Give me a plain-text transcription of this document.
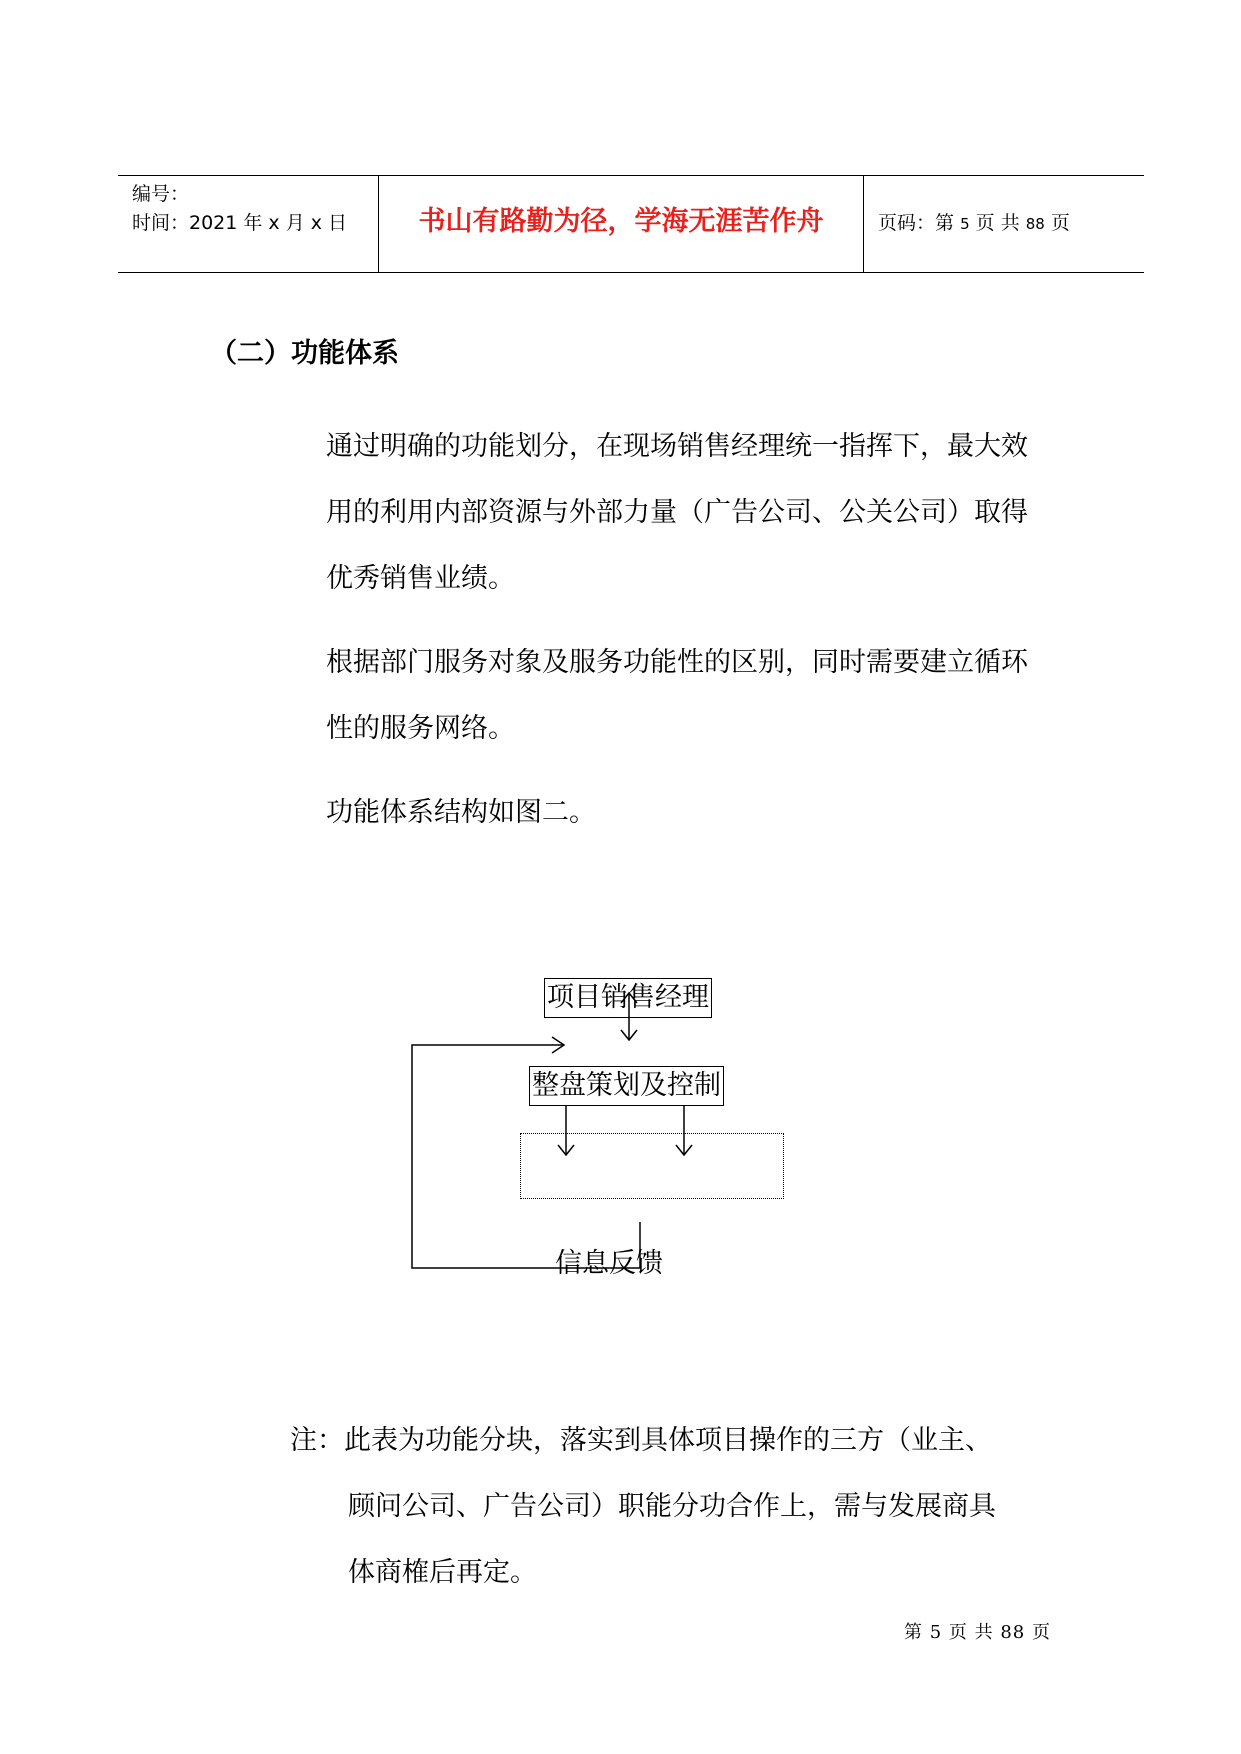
编号：
时间：2021 年 x 月 x 日	书山有路勤为径，学海无涯苦作舟	页码：第 5 页 共 88 页
（二）功能体系
通过明确的功能划分，在现场销售经理统一指挥下，最大效用的利用内部资源与外部力量（广告公司、公关公司）取得优秀销售业绩。
根据部门服务对象及服务功能性的区别，同时需要建立循环性的服务网络。
功能体系结构如图二。
项目销售经理
整盘策划及控制
信息反馈
注：此表为功能分块，落实到具体项目操作的三方（业主、
顾问公司、广告公司）职能分功合作上，需与发展商具
体商榷后再定。
第 5 页 共 88 页
